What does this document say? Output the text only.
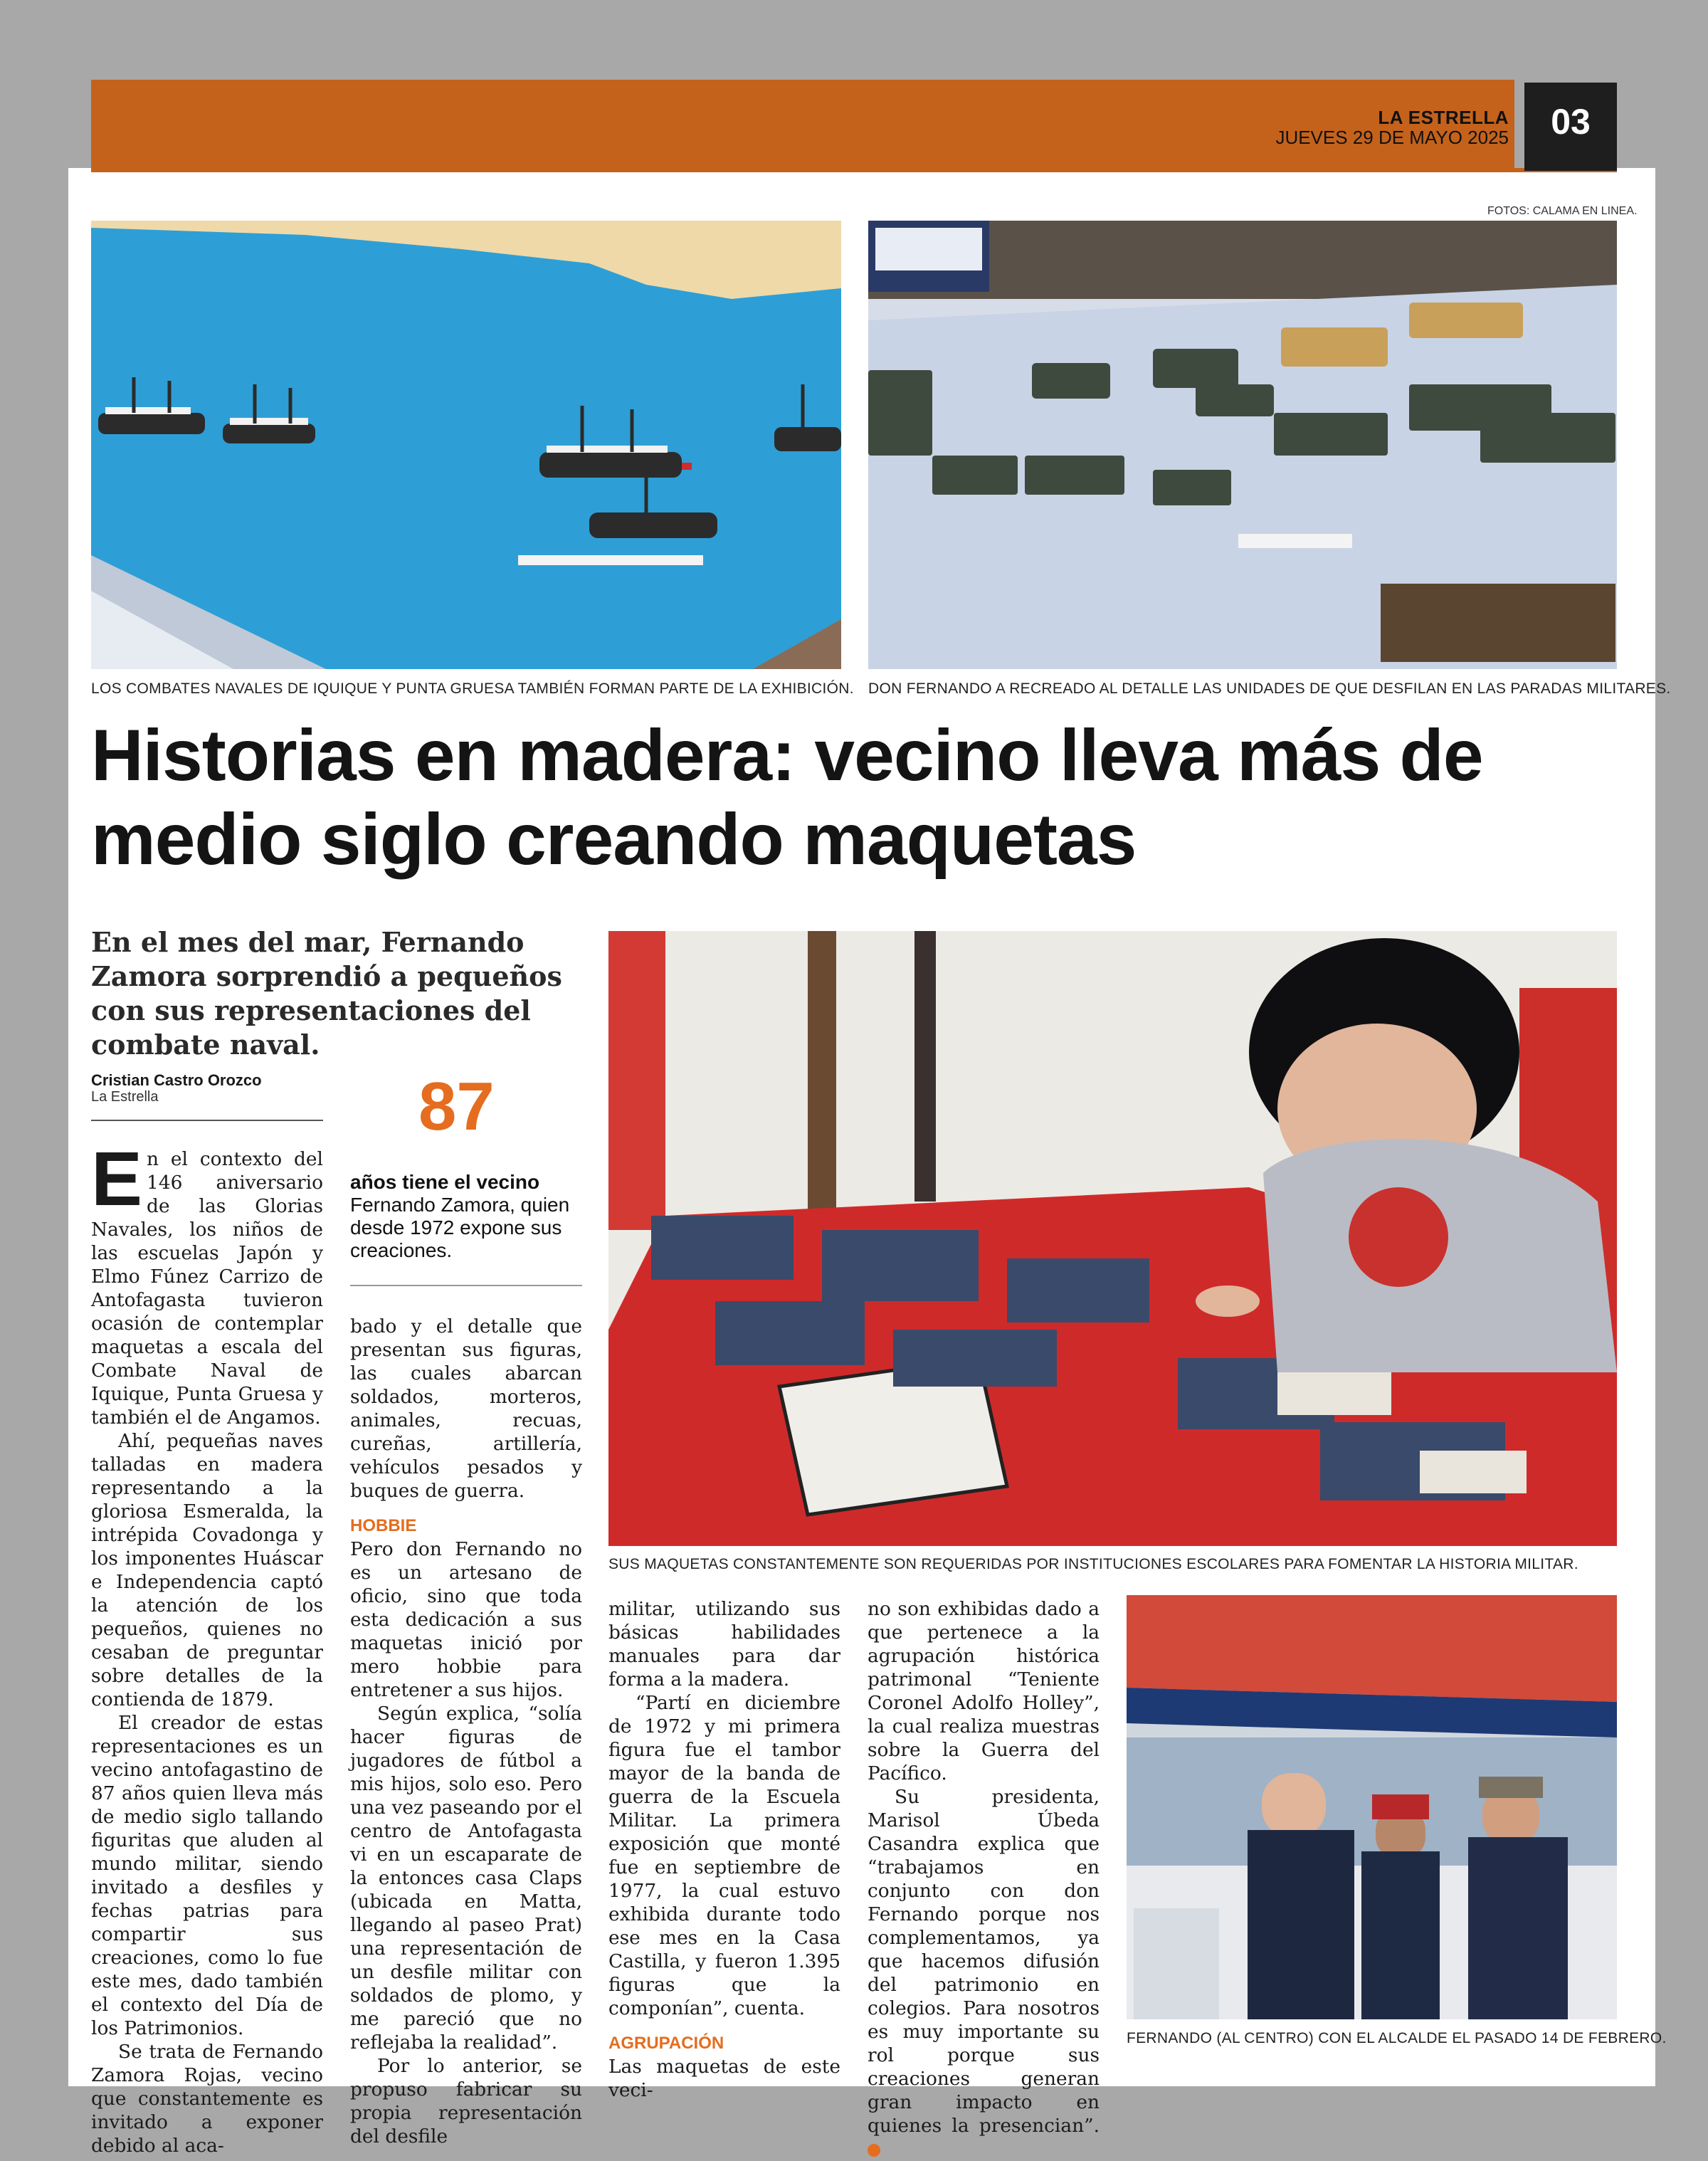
LA ESTRELLA
JUEVES 29 DE MAYO 2025	03
FOTOS: CALAMA EN LINEA.
LOS COMBATES NAVALES DE IQUIQUE Y PUNTA GRUESA TAMBIÉN FORMAN PARTE DE LA EXHIBICIÓN. DON FERNANDO A RECREADO AL DETALLE LAS UNIDADES DE QUE DESFILAN EN LAS PARADAS MILITARES.
Historias en madera: vecino lleva más de medio siglo creando maquetas
En el mes del mar, Fernando Zamora sorprendió a pequeños con sus representaciones del combate naval.
Cristian Castro Orozco
La Estrella	87
años tiene el vecino
Fernando Zamora, quien desde 1972 expone sus creaciones.
SUS MAQUETAS CONSTANTEMENTE SON REQUERIDAS POR INSTITUCIONES ESCOLARES PARA FOMENTAR LA HISTORIA MILITAR.
FERNANDO (AL CENTRO) CON EL ALCALDE EL PASADO 14 DE FEBRERO.

En el contexto del 146 aniversario de las Glorias Navales, los niños de las escuelas Japón y Elmo Fúnez Carrizo de Antofagasta tuvieron ocasión de contemplar maquetas a escala del Combate Naval de Iquique, Punta Gruesa y también el de Angamos.

Ahí, pequeñas naves talladas en madera representando a la gloriosa Esmeralda, la intrépida Covadonga y los imponentes Huáscar e Independencia captó la atención de los pequeños, quienes no cesaban de preguntar sobre detalles de la contienda de 1879.

El creador de estas representaciones es un vecino antofagastino de 87 años quien lleva más de medio siglo tallando figuritas que aluden al mundo militar, siendo invitado a desfiles y fechas patrias para compartir sus creaciones, como lo fue este mes, dado también el contexto del Día de los Patrimonios.

Se trata de Fernando Zamora Rojas, vecino que constantemente es invitado a exponer debido al aca-

bado y el detalle que presentan sus figuras, las cuales abarcan soldados, morteros, animales, recuas, cureñas, artillería, vehículos pesados y buques de guerra.

HOBBIE

Pero don Fernando no es un artesano de oficio, sino que toda esta dedicación a sus maquetas inició por mero hobbie para entretener a sus hijos.

Según explica, “solía hacer figuras de jugadores de fútbol a mis hijos, solo eso. Pero una vez paseando por el centro de Antofagasta vi en un escaparate de la entonces casa Claps (ubicada en Matta, llegando al paseo Prat) una representación de un desfile militar con soldados de plomo, y me pareció que no reflejaba la realidad”.

Por lo anterior, se propuso fabricar su propia representación del desfile

militar, utilizando sus básicas habilidades manuales para dar forma a la madera.

“Partí en diciembre de 1972 y mi primera figura fue el tambor mayor de la banda de guerra de la Escuela Militar. La primera exposición que monté fue en septiembre de 1977, la cual estuvo exhibida durante todo ese mes en la Casa Castilla, y fueron 1.395 figuras que la componían”, cuenta.

AGRUPACIÓN

Las maquetas de este veci-

no son exhibidas dado a que pertenece a la agrupación histórica patrimonal “Teniente Coronel Adolfo Holley”, la cual realiza muestras sobre la Guerra del Pacífico.

Su presidenta, Marisol Úbeda Casandra explica que “trabajamos en conjunto con don Fernando porque nos complementamos, ya que hacemos difusión del patrimonio en colegios. Para nosotros es muy importante su rol porque sus creaciones generan gran impacto en quienes la presencian”.
